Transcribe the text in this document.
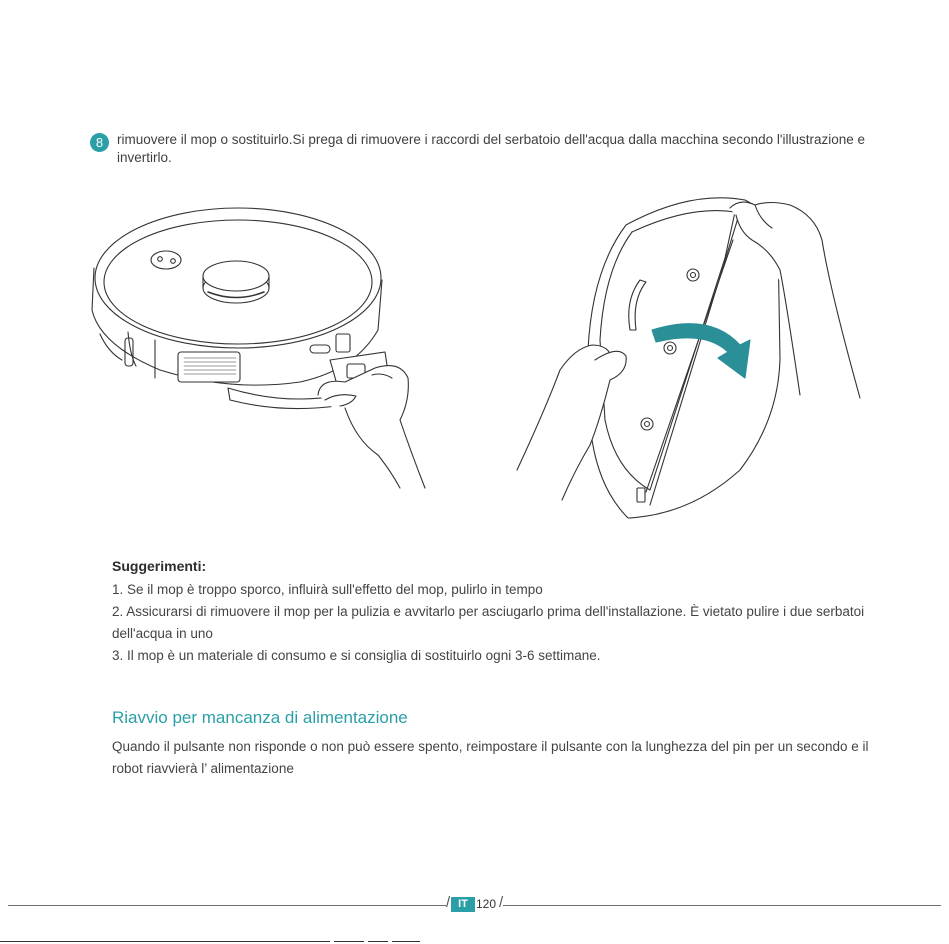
8	rimuovere il mop o sostituirlo.Si prega di rimuovere i raccordi del serbatoio dell'acqua dalla macchina secondo l'illustrazione e invertirlo.

Suggerimenti:

1. Se il mop è troppo sporco, influirà sull'effetto del mop, pulirlo in tempo

2. Assicurarsi di rimuovere il mop per la pulizia e avvitarlo per asciugarlo prima dell'installazione. È vietato pulire i due serbatoi dell'acqua in uno

3. Il mop è un materiale di consumo e si consiglia di sostituirlo ogni 3-6 settimane.

Riavvio per mancanza di alimentazione
Quando il pulsante non risponde o non può essere spento, reimpostare il pulsante con la lunghezza del pin per un secondo e il robot riavvierà l’ alimentazione
/ IT 120 /
